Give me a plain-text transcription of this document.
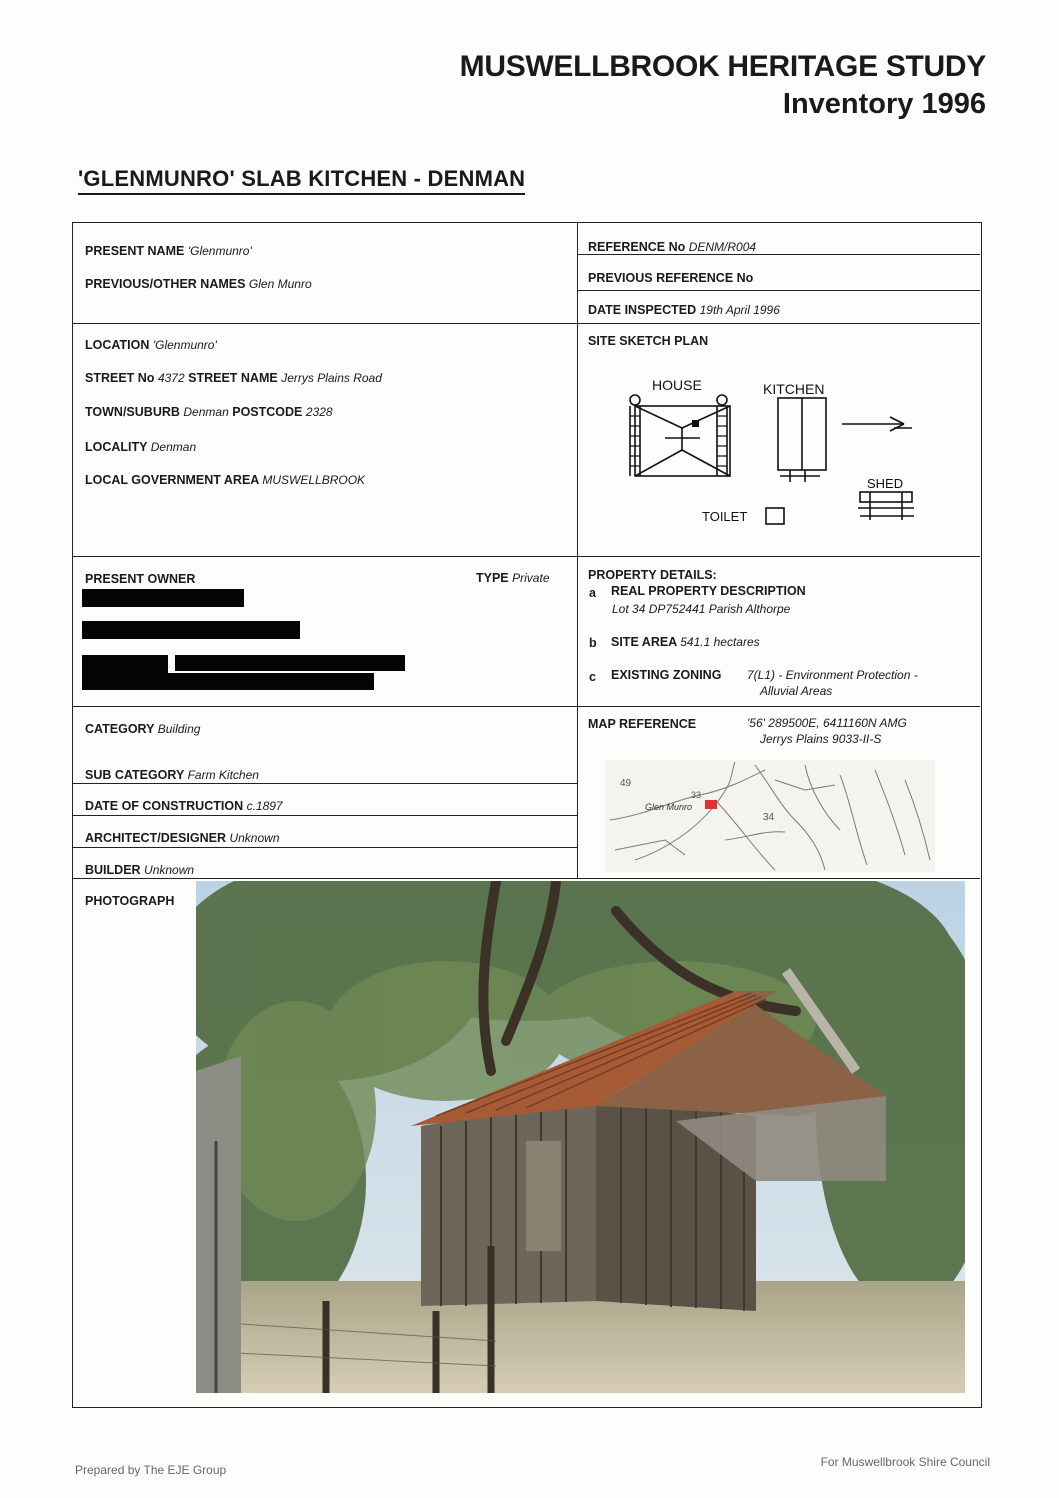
MUSWELLBROOK HERITAGE STUDY
Inventory 1996
'GLENMUNRO' SLAB KITCHEN - DENMAN
PRESENT NAME 'Glenmunro'
PREVIOUS/OTHER NAMES Glen Munro
REFERENCE No DENM/R004
PREVIOUS REFERENCE No
DATE INSPECTED 19th April 1996
SITE SKETCH PLAN
HOUSE	KITCHEN
SHED
TOILET
LOCATION 'Glenmunro'
STREET No 4372 STREET NAME Jerrys Plains Road
TOWN/SUBURB Denman POSTCODE 2328
LOCALITY Denman
LOCAL GOVERNMENT AREA MUSWELLBROOK
PRESENT OWNER	TYPE Private	PROPERTY DETAILS:
a REAL PROPERTY DESCRIPTION
Lot 34 DP752441 Parish Althorpe
b SITE AREA 541.1 hectares
c EXISTING ZONING 7(L1) - Environment Protection -
Alluvial Areas
CATEGORY Building
SUB CATEGORY Farm Kitchen
DATE OF CONSTRUCTION c.1897
ARCHITECT/DESIGNER Unknown
BUILDER Unknown
MAP REFERENCE	'56' 289500E, 6411160N AMG
Jerrys Plains 9033-II-S
Glen Munro
49
33
34
PHOTOGRAPH
Prepared by The EJE Group
For Muswellbrook Shire Council
